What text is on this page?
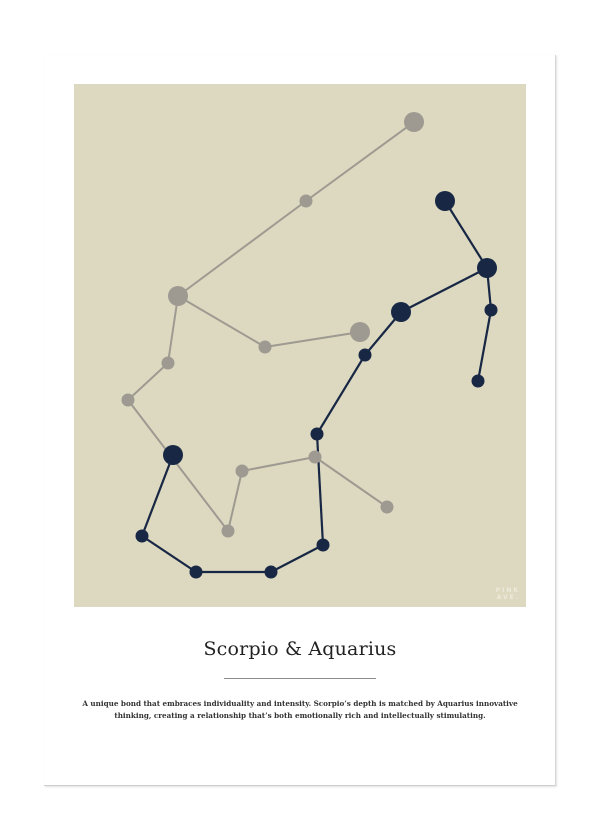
PINK
AVE.
Scorpio & Aquarius
A unique bond that embraces individuality and intensity. Scorpio’s depth is matched by Aquarius innovative thinking, creating a relationship that’s both emotionally rich and intellectually stimulating.
